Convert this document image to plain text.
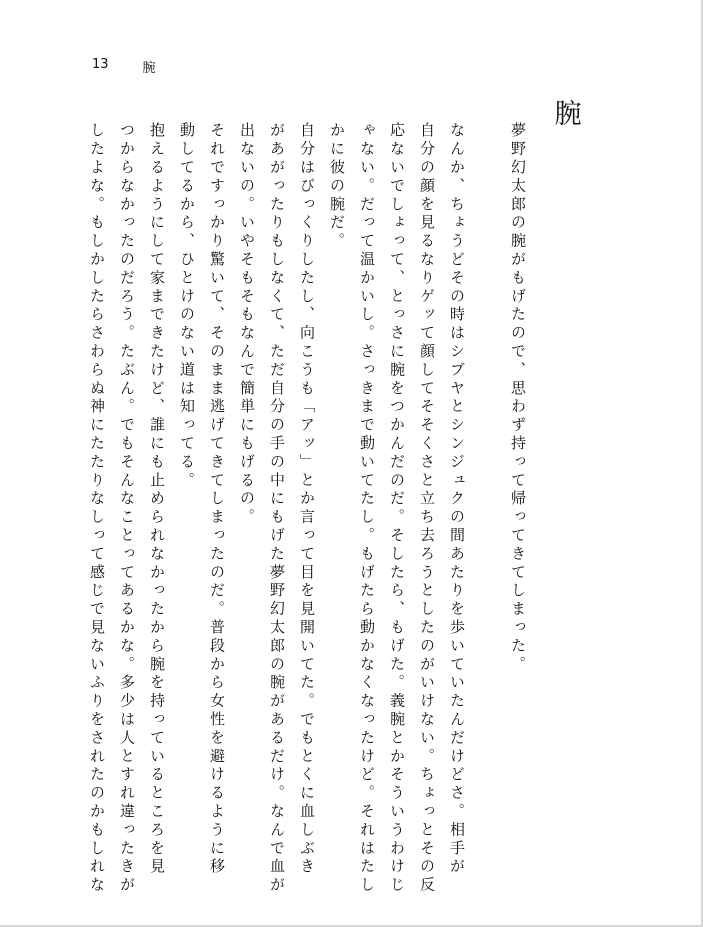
13	腕
腕
夢野幻太郎の腕がもげたので、思わず持って帰ってきてしまった。
なんか、ちょうどその時はシブヤとシンジュクの間あたりを歩いていたんだけどさ。相手が
自分の顔を見るなりゲッて顔してそそくさと立ち去ろうとしたのがいけない。ちょっとその反
応ないでしょって、とっさに腕をつかんだのだ。そしたら、もげた。義腕とかそういうわけじ
ゃない。だって温かいし。さっきまで動いてたし。もげたら動かなくなったけど。それはたし
かに彼の腕だ。
自分はびっくりしたし、向こうも「アッ」とか言って目を見開いてた。でもとくに血しぶき
があがったりもしなくて、ただ自分の手の中にもげた夢野幻太郎の腕があるだけ。なんで血が
出ないの。いやそもそもなんで簡単にもげるの。
それですっかり驚いて、そのまま逃げてきてしまったのだ。普段から女性を避けるように移
動してるから、ひとけのない道は知ってる。
抱えるようにして家まできたけど、誰にも止められなかったから腕を持っているところを見
つからなかったのだろう。たぶん。でもそんなことってあるかな。多少は人とすれ違ったきが
したよな。もしかしたらさわらぬ神にたたりなしって感じで見ないふりをされたのかもしれな
